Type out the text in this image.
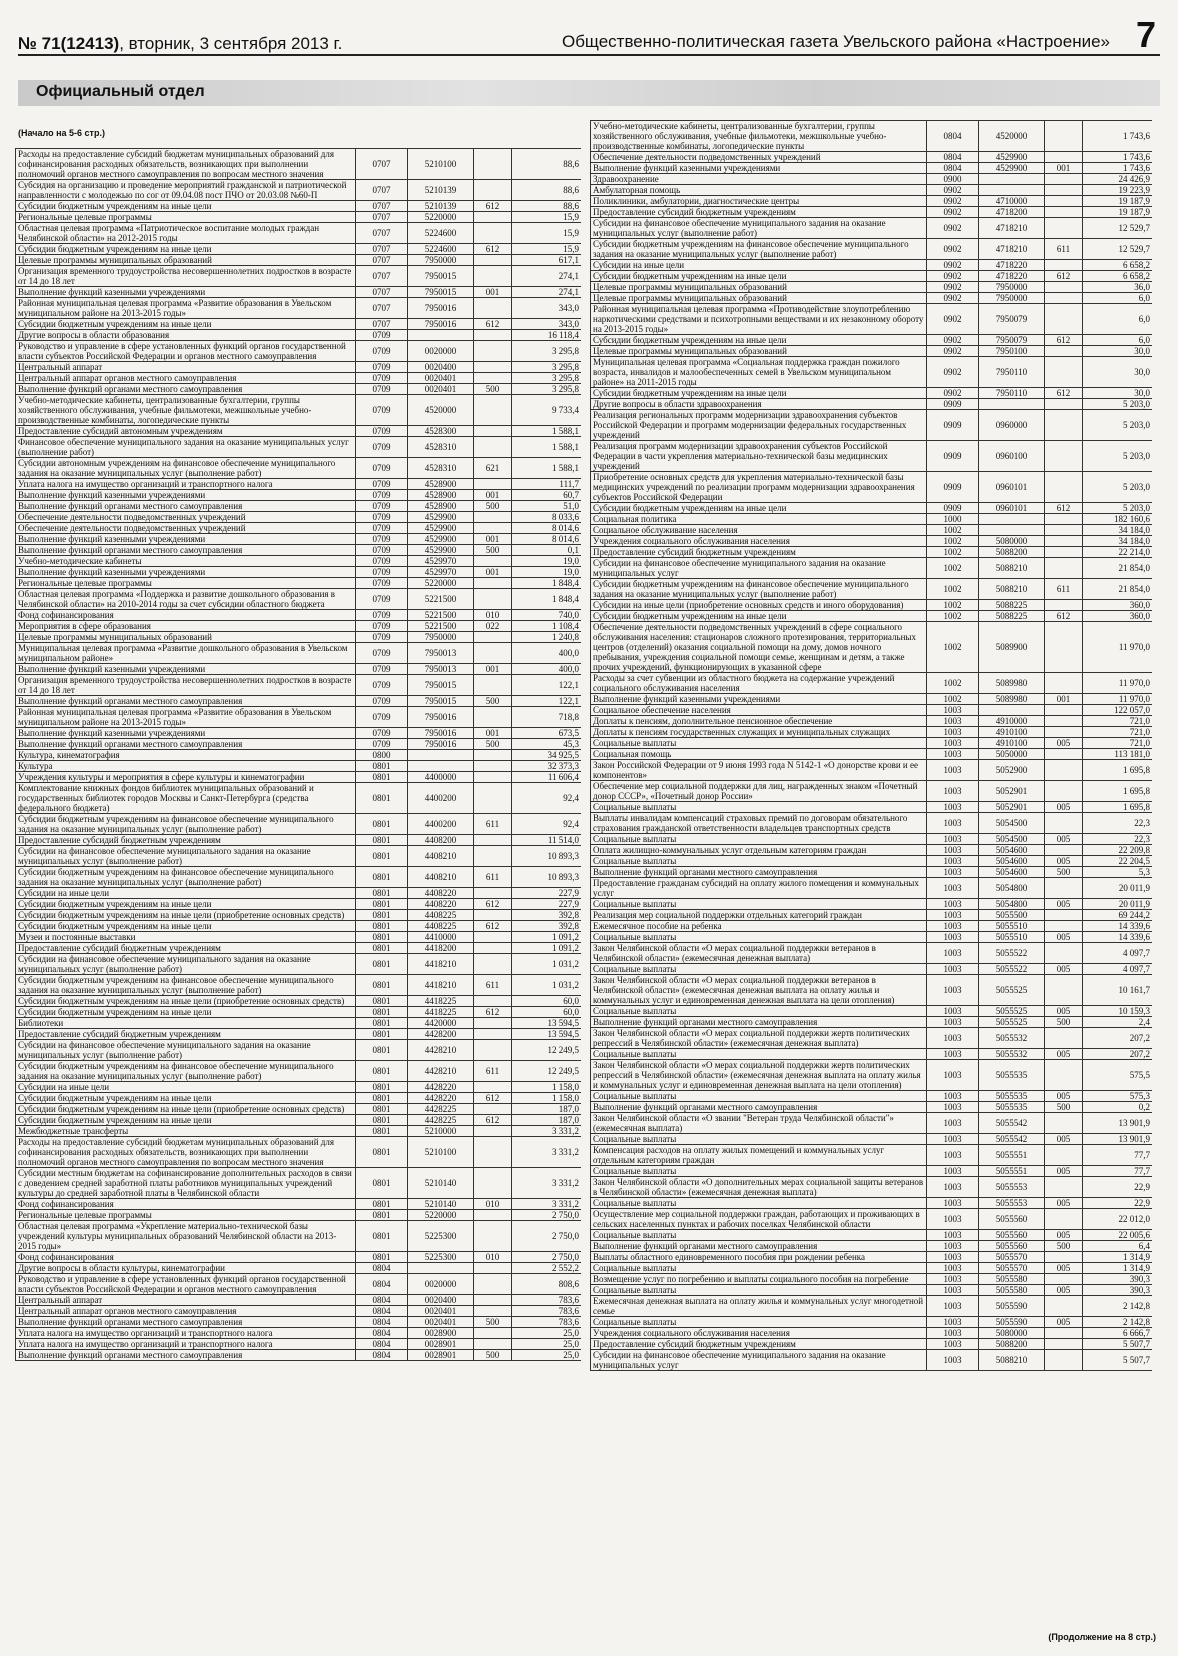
№ 71(12413), вторник, 3 сентября 2013 г.	Общественно-политическая газета Увельского района «Настроение» 7
Официальный отдел
(Начало на 5-6 стр.)
Расходы на предоставление субсидий бюджетам муниципальных образований для софинансирования расходных обязательств, возникающих при выполнении полномочий органов местного самоуправления по вопросам местного значения	0707	5210100		88,6
Субсидия на организацию и проведение мероприятий гражданской и патриотической направленности с молодежью по сог от 09.04.08 пост ПЧО от 20.03.08 №60-П	0707	5210139		88,6
Субсидии бюджетным учреждениям на иные цели	0707	5210139	612	88,6
Региональные целевые программы	0707	5220000		15,9
Областная целевая программа «Патриотическое воспитание молодых граждан Челябинской области» на 2012-2015 годы	0707	5224600		15,9
Субсидии бюджетным учреждениям на иные цели	0707	5224600	612	15,9
Целевые программы муниципальных образований	0707	7950000		617,1
Организация временного трудоустройства несовершеннолетних подростков в возрасте от 14 до 18 лет	0707	7950015		274,1
Выполнение функций казенными учреждениями	0707	7950015	001	274,1
Районная муниципальная целевая программа «Развитие образования в Увельском муниципальном районе на 2013-2015 годы»	0707	7950016		343,0
Субсидии бюджетным учреждениям на иные цели	0707	7950016	612	343,0
Другие вопросы в области образования	0709			16 118,4
Руководство и управление в сфере установленных функций органов государственной власти субъектов Российской Федерации и органов местного самоуправления	0709	0020000		3 295,8
Центральный аппарат	0709	0020400		3 295,8
Центральный аппарат органов местного самоуправления	0709	0020401		3 295,8
Выполнение функций органами местного самоуправления	0709	0020401	500	3 295,8
Учебно-методические кабинеты, централизованные бухгалтерии, группы хозяйственного обслуживания, учебные фильмотеки, межшкольные учебно-производственные комбинаты, логопедические пункты	0709	4520000		9 733,4
Предоставление субсидий автономным учреждениям	0709	4528300		1 588,1
Финансовое обеспечение муниципального задания на оказание муниципальных услуг (выполнение работ)	0709	4528310		1 588,1
Субсидии автономным учреждениям на финансовое обеспечение муниципального задания на оказание муниципальных услуг (выполнение работ)	0709	4528310	621	1 588,1
Уплата налога на имущество организаций и транспортного налога	0709	4528900		111,7
Выполнение функций казенными учреждениями	0709	4528900	001	60,7
Выполнение функций органами местного самоуправления	0709	4528900	500	51,0
Обеспечение деятельности подведомственных учреждений	0709	4529900		8 033,6
Обеспечение деятельности подведомственных учреждений	0709	4529900		8 014,6
Выполнение функций казенными учреждениями	0709	4529900	001	8 014,6
Выполнение функций органами местного самоуправления	0709	4529900	500	0,1
Учебно-методические кабинеты	0709	4529970		19,0
Выполнение функций казенными учреждениями	0709	4529970	001	19,0
Региональные целевые программы	0709	5220000		1 848,4
Областная целевая программа «Поддержка и развитие дошкольного образования в Челябинской области» на 2010-2014 годы за счет субсидии областного бюджета	0709	5221500		1 848,4
Фонд софинансирования	0709	5221500	010	740,0
Мероприятия в сфере образования	0709	5221500	022	1 108,4
Целевые программы муниципальных образований	0709	7950000		1 240,8
Муниципальная целевая программа «Развитие дошкольного образования в Увельском муниципальном районе»	0709	7950013		400,0
Выполнение функций казенными учреждениями	0709	7950013	001	400,0
Организация временного трудоустройства несовершеннолетних подростков в возрасте от 14 до 18 лет	0709	7950015		122,1
Выполнение функций органами местного самоуправления	0709	7950015	500	122,1
Районная муниципальная целевая программа «Развитие образования в Увельском муниципальном районе на 2013-2015 годы»	0709	7950016		718,8
Выполнение функций казенными учреждениями	0709	7950016	001	673,5
Выполнение функций органами местного самоуправления	0709	7950016	500	45,3
Культура, кинематография	0800			34 925,5
Культура	0801			32 373,3
Учреждения культуры и мероприятия в сфере культуры и кинематографии	0801	4400000		11 606,4
Комплектование книжных фондов библиотек муниципальных образований и государственных библиотек городов Москвы и Санкт-Петербурга (средства федерального бюджета)	0801	4400200		92,4
Субсидии бюджетным учреждениям на финансовое обеспечение муниципального задания на оказание муниципальных услуг (выполнение работ)	0801	4400200	611	92,4
Предоставление субсидий бюджетным учреждениям	0801	4408200		11 514,0
Субсидии на финансовое обеспечение муниципального задания на оказание муниципальных услуг (выполнение работ)	0801	4408210		10 893,3
Субсидии бюджетным учреждениям на финансовое обеспечение муниципального задания на оказание муниципальных услуг (выполнение работ)	0801	4408210	611	10 893,3
Субсидии на иные цели	0801	4408220		227,9
Субсидии бюджетным учреждениям на иные цели	0801	4408220	612	227,9
Субсидии бюджетным учреждениям на иные цели (приобретение основных средств)	0801	4408225		392,8
Субсидии бюджетным учреждениям на иные цели	0801	4408225	612	392,8
Музеи и постоянные выставки	0801	4410000		1 091,2
Предоставление субсидий бюджетным учреждениям	0801	4418200		1 091,2
Субсидии на финансовое обеспечение муниципального задания на оказание муниципальных услуг (выполнение работ)	0801	4418210		1 031,2
Субсидии бюджетным учреждениям на финансовое обеспечение муниципального задания на оказание муниципальных услуг (выполнение работ)	0801	4418210	611	1 031,2
Субсидии бюджетным учреждениям на иные цели (приобретение основных средств)	0801	4418225		60,0
Субсидии бюджетным учреждениям на иные цели	0801	4418225	612	60,0
Библиотеки	0801	4420000		13 594,5
Предоставление субсидий бюджетным учреждениям	0801	4428200		13 594,5
Субсидии на финансовое обеспечение муниципального задания на оказание муниципальных услуг (выполнение работ)	0801	4428210		12 249,5
Субсидии бюджетным учреждениям на финансовое обеспечение муниципального задания на оказание муниципальных услуг (выполнение работ)	0801	4428210	611	12 249,5
Субсидии на иные цели	0801	4428220		1 158,0
Субсидии бюджетным учреждениям на иные цели	0801	4428220	612	1 158,0
Субсидии бюджетным учреждениям на иные цели (приобретение основных средств)	0801	4428225		187,0
Субсидии бюджетным учреждениям на иные цели	0801	4428225	612	187,0
Межбюджетные трансферты	0801	5210000		3 331,2
Расходы на предоставление субсидий бюджетам муниципальных образований для софинансирования расходных обязательств, возникающих при выполнении полномочий органов местного самоуправления по вопросам местного значения	0801	5210100		3 331,2
Субсидии местным бюджетам на софинансирование дополнительных расходов в связи с доведением средней заработной платы работников муниципальных учреждений культуры до средней заработной платы в Челябинской области	0801	5210140		3 331,2
Фонд софинансирования	0801	5210140	010	3 331,2
Региональные целевые программы	0801	5220000		2 750,0
Областная целевая программа «Укрепление материально-технической базы учреждений культуры муниципальных образований Челябинской области на 2013-2015 годы»	0801	5225300		2 750,0
Фонд софинансирования	0801	5225300	010	2 750,0
Другие вопросы в области культуры, кинематографии	0804			2 552,2
Руководство и управление в сфере установленных функций органов государственной власти субъектов Российской Федерации и органов местного самоуправления	0804	0020000		808,6
Центральный аппарат	0804	0020400		783,6
Центральный аппарат органов местного самоуправления	0804	0020401		783,6
Выполнение функций органами местного самоуправления	0804	0020401	500	783,6
Уплата налога на имущество организаций и транспортного налога	0804	0028900		25,0
Уплата налога на имущество организаций и транспортного налога	0804	0028901		25,0
Выполнение функций органами местного самоуправления	0804	0028901	500	25,0
Учебно-методические кабинеты, централизованные бухгалтерии, группы хозяйственного обслуживания, учебные фильмотеки, межшкольные учебно-производственные комбинаты, логопедические пункты	0804	4520000		1 743,6
Обеспечение деятельности подведомственных учреждений	0804	4529900		1 743,6
Выполнение функций казенными учреждениями	0804	4529900	001	1 743,6
Здравоохранение	0900			24 426,9
Амбулаторная помощь	0902			19 223,9
Поликлиники, амбулатории, диагностические центры	0902	4710000		19 187,9
Предоставление субсидий бюджетным учреждениям	0902	4718200		19 187,9
Субсидии на финансовое обеспечение муниципального задания на оказание муниципальных услуг (выполнение работ)	0902	4718210		12 529,7
Субсидии бюджетным учреждениям на финансовое обеспечение муниципального задания на оказание муниципальных услуг (выполнение работ)	0902	4718210	611	12 529,7
Субсидии на иные цели	0902	4718220		6 658,2
Субсидии бюджетным учреждениям на иные цели	0902	4718220	612	6 658,2
Целевые программы муниципальных образований	0902	7950000		36,0
Целевые программы муниципальных образований	0902	7950000		6,0
Районная муниципальная целевая программа «Противодействие злоупотреблению наркотическими средствами и психотропными веществами и их незаконному обороту на 2013-2015 годы»	0902	7950079		6,0
Субсидии бюджетным учреждениям на иные цели	0902	7950079	612	6,0
Целевые программы муниципальных образований	0902	7950100		30,0
Муниципальная целевая программа «Социальная поддержка граждан пожилого возраста, инвалидов и малообеспеченных семей в Увельском муниципальном районе» на 2011-2015 годы	0902	7950110		30,0
Субсидии бюджетным учреждениям на иные цели	0902	7950110	612	30,0
Другие вопросы в области здравоохранения	0909			5 203,0
Реализация региональных программ модернизации здравоохранения субъектов Российской Федерации и программ модернизации федеральных государственных учреждений	0909	0960000		5 203,0
Реализация программ модернизации здравоохранения субъектов Российской Федерации в части укрепления материально-технической базы медицинских учреждений	0909	0960100		5 203,0
Приобретение основных средств для укрепления материально-технической базы медицинских учреждений по реализации программ модернизации здравоохранения субъектов Российской Федерации	0909	0960101		5 203,0
Субсидии бюджетным учреждениям на иные цели	0909	0960101	612	5 203,0
Социальная политика	1000			182 160,6
Социальное обслуживание населения	1002			34 184,0
Учреждения социального обслуживания населения	1002	5080000		34 184,0
Предоставление субсидий бюджетным учреждениям	1002	5088200		22 214,0
Субсидии на финансовое обеспечение муниципального задания на оказание муниципальных услуг	1002	5088210		21 854,0
Субсидии бюджетным учреждениям на финансовое обеспечение муниципального задания на оказание муниципальных услуг (выполнение работ)	1002	5088210	611	21 854,0
Субсидии на иные цели (приобретение основных средств и иного оборудования)	1002	5088225		360,0
Субсидии бюджетным учреждениям на иные цели	1002	5088225	612	360,0
Обеспечение деятельности подведомственных учреждений в сфере социального обслуживания населения: стационаров сложного протезирования, территориальных центров (отделений) оказания социальной помощи на дому, домов ночного пребывания, учреждения социальной помощи семье, женщинам и детям, а также прочих учреждений, функционирующих в указанной сфере	1002	5089900		11 970,0
Расходы за счет субвенции из областного бюджета на содержание учреждений социального обслуживания населения	1002	5089980		11 970,0
Выполнение функций казенными учреждениями	1002	5089980	001	11 970,0
Социальное обеспечение населения	1003			122 057,0
Доплаты к пенсиям, дополнительное пенсионное обеспечение	1003	4910000		721,0
Доплаты к пенсиям государственных служащих и муниципальных служащих	1003	4910100		721,0
Социальные выплаты	1003	4910100	005	721,0
Социальная помощь	1003	5050000		113 181,0
Закон Российской Федерации от 9 июня 1993 года N 5142-1 «О донорстве крови и ее компонентов»	1003	5052900		1 695,8
Обеспечение мер социальной поддержки для лиц, награжденных знаком «Почетный донор СССР», «Почетный донор России»	1003	5052901		1 695,8
Социальные выплаты	1003	5052901	005	1 695,8
Выплаты инвалидам компенсаций страховых премий по договорам обязательного страхования гражданской ответственности владельцев транспортных средств	1003	5054500		22,3
Социальные выплаты	1003	5054500	005	22,3
Оплата жилищно-коммунальных услуг отдельным категориям граждан	1003	5054600		22 209,8
Социальные выплаты	1003	5054600	005	22 204,5
Выполнение функций органами местного самоуправления	1003	5054600	500	5,3
Предоставление гражданам субсидий на оплату жилого помещения и коммунальных услуг	1003	5054800		20 011,9
Социальные выплаты	1003	5054800	005	20 011,9
Реализация мер социальной поддержки отдельных категорий граждан	1003	5055500		69 244,2
Ежемесячное пособие на ребенка	1003	5055510		14 339,6
Социальные выплаты	1003	5055510	005	14 339,6
Закон Челябинской области «О мерах социальной поддержки ветеранов в Челябинской области» (ежемесячная денежная выплата)	1003	5055522		4 097,7
Социальные выплаты	1003	5055522	005	4 097,7
Закон Челябинской области «О мерах социальной поддержки ветеранов в Челябинской области» (ежемесячная денежная выплата на оплату жилья и коммунальных услуг и единовременная денежная выплата на цели отопления)	1003	5055525		10 161,7
Социальные выплаты	1003	5055525	005	10 159,3
Выполнение функций органами местного самоуправления	1003	5055525	500	2,4
Закон Челябинской области «О мерах социальной поддержки жертв политических репрессий в Челябинской области» (ежемесячная денежная выплата)	1003	5055532		207,2
Социальные выплаты	1003	5055532	005	207,2
Закон Челябинской области «О мерах социальной поддержки жертв политических репрессий в Челябинской области» (ежемесячная денежная выплата на оплату жилья и коммунальных услуг и единовременная денежная выплата на цели отопления)	1003	5055535		575,5
Социальные выплаты	1003	5055535	005	575,3
Выполнение функций органами местного самоуправления	1003	5055535	500	0,2
Закон Челябинской области «О звании "Ветеран труда Челябинской области"» (ежемесячная выплата)	1003	5055542		13 901,9
Социальные выплаты	1003	5055542	005	13 901,9
Компенсация расходов на оплату жилых помещений и коммунальных услуг отдельным категориям граждан	1003	5055551		77,7
Социальные выплаты	1003	5055551	005	77,7
Закон Челябинской области «О дополнительных мерах социальной защиты ветеранов в Челябинской области» (ежемесячная денежная выплата)	1003	5055553		22,9
Социальные выплаты	1003	5055553	005	22,9
Осуществление мер социальной поддержки граждан, работающих и проживающих в сельских населенных пунктах и рабочих поселках Челябинской области	1003	5055560		22 012,0
Социальные выплаты	1003	5055560	005	22 005,6
Выполнение функций органами местного самоуправления	1003	5055560	500	6,4
Выплаты областного единовременного пособия при рождении ребенка	1003	5055570		1 314,9
Социальные выплаты	1003	5055570	005	1 314,9
Возмещение услуг по погребению и выплаты социального пособия на погребение	1003	5055580		390,3
Социальные выплаты	1003	5055580	005	390,3
Ежемесячная денежная выплата на оплату жилья и коммунальных услуг многодетной семье	1003	5055590		2 142,8
Социальные выплаты	1003	5055590	005	2 142,8
Учреждения социального обслуживания населения	1003	5080000		6 666,7
Предоставление субсидий бюджетным учреждениям	1003	5088200		5 507,7
Субсидии на финансовое обеспечение муниципального задания на оказание муниципальных услуг	1003	5088210		5 507,7
(Продолжение на 8 стр.)
